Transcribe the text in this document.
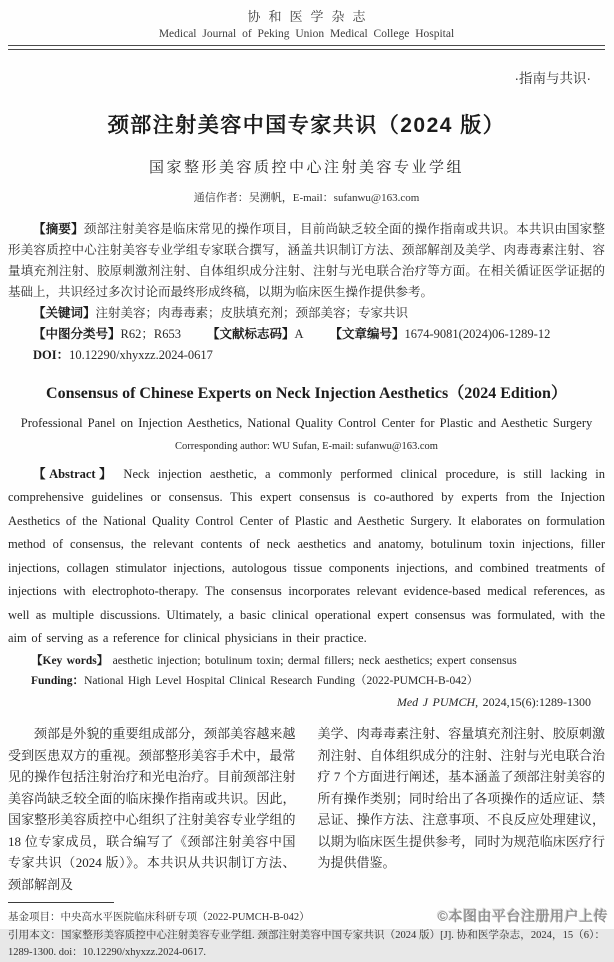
协和医学杂志
Medical Journal of Peking Union Medical College Hospital
·指南与共识·
颈部注射美容中国专家共识（2024 版）
国家整形美容质控中心注射美容专业学组
通信作者：吴溯帆，E-mail：sufanwu@163.com

【摘要】颈部注射美容是临床常见的操作项目，目前尚缺乏较全面的操作指南或共识。本共识由国家整形美容质控中心注射美容专业学组专家联合撰写，涵盖共识制订方法、颈部解剖及美学、肉毒毒素注射、容量填充剂注射、胶原刺激剂注射、自体组织成分注射、注射与光电联合治疗等方面。在相关循证医学证据的基础上，共识经过多次讨论而最终形成终稿，以期为临床医生操作提供参考。

【关键词】注射美容；肉毒毒素；皮肤填充剂；颈部美容；专家共识

【中图分类号】R62；R653 【文献标志码】A 【文章编号】1674-9081(2024)06-1289-12

DOI：10.12290/xhyxzz.2024-0617

Consensus of Chinese Experts on Neck Injection Aesthetics（2024 Edition）
Professional Panel on Injection Aesthetics, National Quality Control Center for Plastic and Aesthetic Surgery
Corresponding author: WU Sufan, E-mail: sufanwu@163.com

【Abstract】 Neck injection aesthetic, a commonly performed clinical procedure, is still lacking in comprehensive guidelines or consensus. This expert consensus is co-authored by experts from the Injection Aesthetics of the National Quality Control Center of Plastic and Aesthetic Surgery. It elaborates on formulation method of consensus, the relevant contents of neck aesthetics and anatomy, botulinum toxin injections, filler injections, collagen stimulator injections, autologous tissue components injections, and combined treatments of injections with electrophoto-therapy. The consensus incorporates relevant evidence-based medical references, as well as multiple discussions. Ultimately, a basic clinical operational expert consensus was formulated, with the aim of serving as a reference for clinical physicians in their practice.

【Key words】 aesthetic injection; botulinum toxin; dermal fillers; neck aesthetics; expert consensus

Funding：National High Level Hospital Clinical Research Funding（2022-PUMCH-B-042）

Med J PUMCH, 2024,15(6):1289-1300

颈部是外貌的重要组成部分，颈部美容越来越受到医患双方的重视。颈部整形美容手术中，最常见的操作包括注射治疗和光电治疗。目前颈部注射美容尚缺乏较全面的临床操作指南或共识。因此，国家整形美容质控中心组织了注射美容专业学组的 18 位专家成员，联合编写了《颈部注射美容中国专家共识（2024 版）》。本共识从共识制订方法、颈部解剖及

美学、肉毒毒素注射、容量填充剂注射、胶原刺激剂注射、自体组织成分的注射、注射与光电联合治疗 7 个方面进行阐述，基本涵盖了颈部注射美容的所有操作类别；同时给出了各项操作的适应证、禁忌证、操作方法、注意事项、不良反应处理建议，以期为临床医生提供参考，同时为规范临床医疗行为提供借鉴。

基金项目：中央高水平医院临床科研专项（2022-PUMCH-B-042）

引用本文：国家整形美容质控中心注射美容专业学组. 颈部注射美容中国专家共识（2024 版）[J]. 协和医学杂志，2024，15（6）：1289-1300. doi：10.12290/xhyxzz.2024-0617.

©本图由平台注册用户上传
